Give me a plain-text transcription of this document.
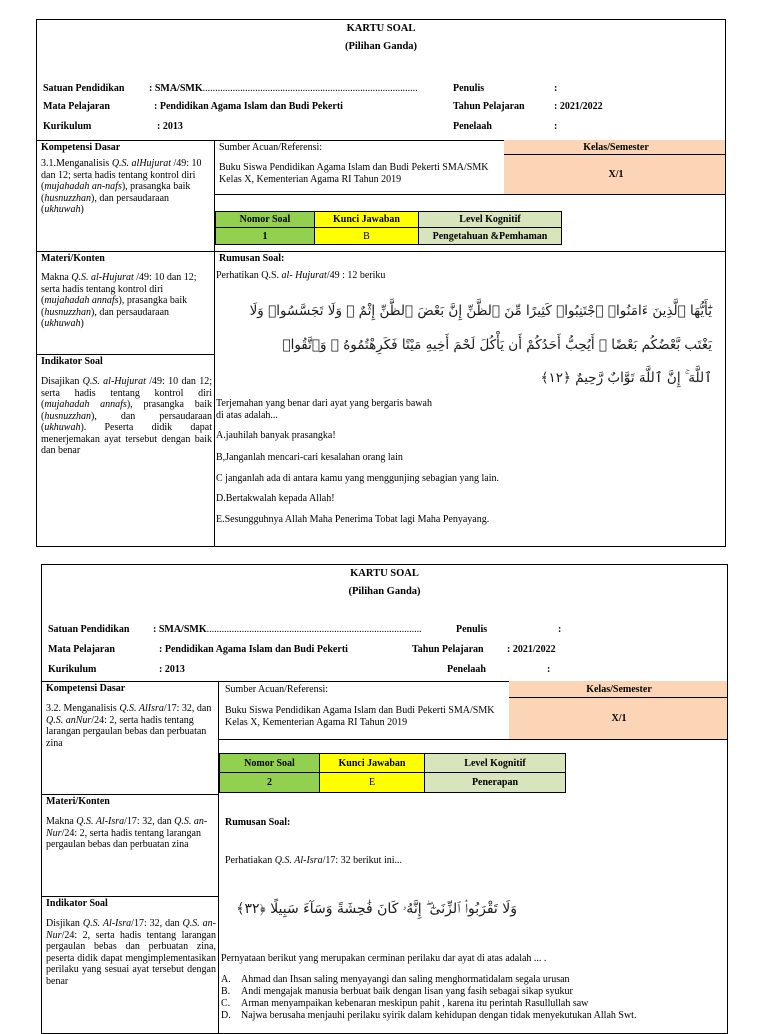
KARTU SOAL
(Pilihan Ganda)
Satuan Pendidikan : SMA/SMK......................................................................................
Mata Pelajaran	: Pendidikan Agama Islam dan Budi Pekerti
Kurikulum	: 2013
Penulis	:
Tahun Pelajaran	: 2021/2022
Penelaah	:
Kompetensi Dasar
3.1.Menganalisis Q.S. alHujurat /49: 10 dan 12; serta hadis tentang kontrol diri (mujahadah an-nafs), prasangka baik (husnuzzhan), dan persaudaraan (ukhuwah)
Sumber Acuan/Referensi:
Buku Siswa Pendidikan Agama Islam dan Budi Pekerti SMA/SMK Kelas X, Kementerian Agama RI Tahun 2019
Kelas/Semester
X/1
Nomor Soal	Kunci Jawaban	Level Kognitif
1	B	Pengetahuan &Pemhaman
Materi/Konten
Makna Q.S. al-Hujurat /49: 10 dan 12; serta hadis tentang kontrol diri (mujahadah annafs), prasangka baik (husnuzzhan), dan persaudaraan (ukhuwah)
Indikator Soal
Disajikan Q.S. al-Hujurat /49: 10 dan 12; serta hadis tentang kontrol diri (mujahadah annafs), prasangka baik (husnuzzhan), dan persaudaraan (ukhuwah). Peserta didik dapat menerjemakan ayat tersebut dengan baik dan benar
Rumusan Soal:
Perhatikan Q.S. al- Hujurat/49 : 12 beriku
يَٰٓأَيُّهَا ٱلَّذِينَ ءَامَنُوا۟ ٱجْتَنِبُوا۟ كَثِيرًا مِّنَ ٱلظَّنِّ إِنَّ بَعْضَ ٱلظَّنِّ إِثْمٌ ۖ وَلَا تَجَسَّسُوا۟ وَلَا
يَغْتَب بَّعْضُكُم بَعْضًا ۚ أَيُحِبُّ أَحَدُكُمْ أَن يَأْكُلَ لَحْمَ أَخِيهِ مَيْتًا فَكَرِهْتُمُوهُ ۚ وَٱتَّقُوا۟
ٱللَّهَ ۚ إِنَّ ٱللَّهَ تَوَّابٌ رَّحِيمٌ ﴿١٢﴾
Terjemahan yang benar dari ayat yang bergaris bawah
di atas adalah...
A.jauhilah banyak prasangka!
B,Janganlah mencari-cari kesalahan orang lain
C janganlah ada di antara kamu yang menggunjing sebagian yang lain.
D.Bertakwalah kepada Allah!
E.Sesungguhnya Allah Maha Penerima Tobat lagi Maha Penyayang.
KARTU SOAL
(Pilihan Ganda)
Satuan Pendidikan : SMA/SMK......................................................................................
Mata Pelajaran	: Pendidikan Agama Islam dan Budi Pekerti
Kurikulum	: 2013
Penulis	:
Tahun Pelajaran : 2021/2022
Penelaah	:
Kompetensi Dasar
3.2. Menganalisis Q.S. AlIsra/17: 32, dan Q.S. anNur/24: 2, serta hadis tentang larangan pergaulan bebas dan perbuatan zina
Sumber Acuan/Referensi:
Buku Siswa Pendidikan Agama Islam dan Budi Pekerti SMA/SMK Kelas X, Kementerian Agama RI Tahun 2019
Kelas/Semester
X/1
Nomor Soal	Kunci Jawaban	Level Kognitif
2	E	Penerapan
Materi/Konten
Makna Q.S. Al-Isra/17: 32, dan Q.S. an-Nur/24: 2, serta hadis tentang larangan pergaulan bebas dan perbuatan zina
Indikator Soal
Disjikan Q.S. Al-Isra/17: 32, dan Q.S. an-Nur/24: 2, serta hadis tentang larangan pergaulan bebas dan perbuatan zina, peserta didik dapat mengimplementasikan perilaku yang sesuai ayat tersebut dengan benar
Rumusan Soal:
Perhatiakan Q.S. Al-Isra/17: 32 berikut ini...
وَلَا تَقْرَبُوا۟ ٱلزِّنَىٰٓ ۖ إِنَّهُۥ كَانَ فَٰحِشَةً وَسَآءَ سَبِيلًا ﴿٣٢﴾
Pernyataan berikut yang merupakan cerminan perilaku dar ayat di atas adalah ... .
A. Ahmad dan Ihsan saling menyayangi dan saling menghormatidalam segala urusan
B. Andi mengajak manusia berbuat baik dengan lisan yang fasih sebagai sikap syukur
C. Arman menyampaikan kebenaran meskipun pahit , karena itu perintah Rasullullah saw
D. Najwa berusaha menjauhi perilaku syirik dalam kehidupan dengan tidak menyekutukan Allah Swt.
